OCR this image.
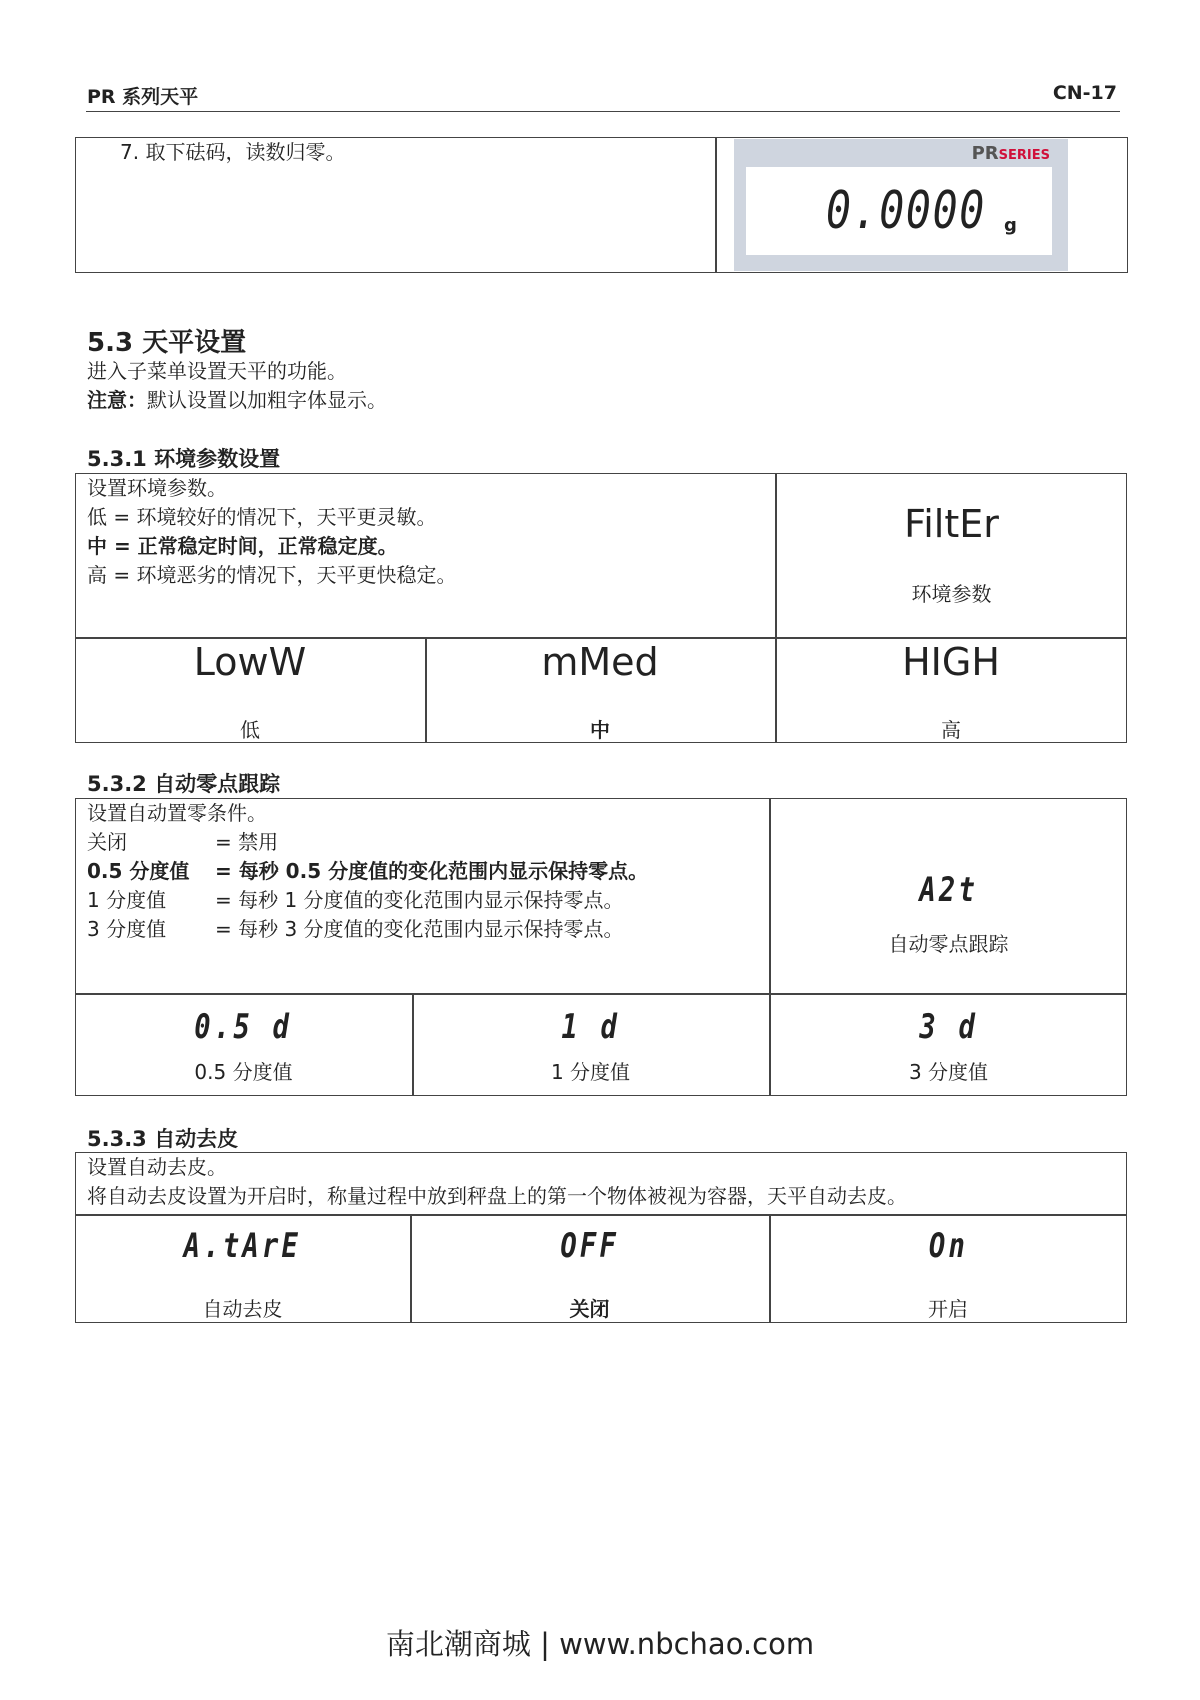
PR 系列天平	CN-17
7. 取下砝码，读数归零。	PRSERIES
0.0000 g
5.3 天平设置
进入子菜单设置天平的功能。
注意：默认设置以加粗字体显示。
5.3.1 环境参数设置
设置环境参数。
低 = 环境较好的情况下，天平更灵敏。
中 = 正常稳定时间，正常稳定度。
高 = 环境恶劣的情况下，天平更快稳定。
FiltEr
环境参数
LowW
低
mMed
中
HIGH
高
5.3.2 自动零点跟踪
设置自动置零条件。
关闭	= 禁用
0.5 分度值 = 每秒 0.5 分度值的变化范围内显示保持零点。
1 分度值 = 每秒 1 分度值的变化范围内显示保持零点。
3 分度值 = 每秒 3 分度值的变化范围内显示保持零点。
A2t
自动零点跟踪
0.5 d
0.5 分度值
1 d
1 分度值
3 d
3 分度值
5.3.3 自动去皮
设置自动去皮。
将自动去皮设置为开启时，称量过程中放到秤盘上的第一个物体被视为容器，天平自动去皮。
A.tArE
自动去皮
OFF
关闭
On
开启
南北潮商城 | www.nbchao.com
